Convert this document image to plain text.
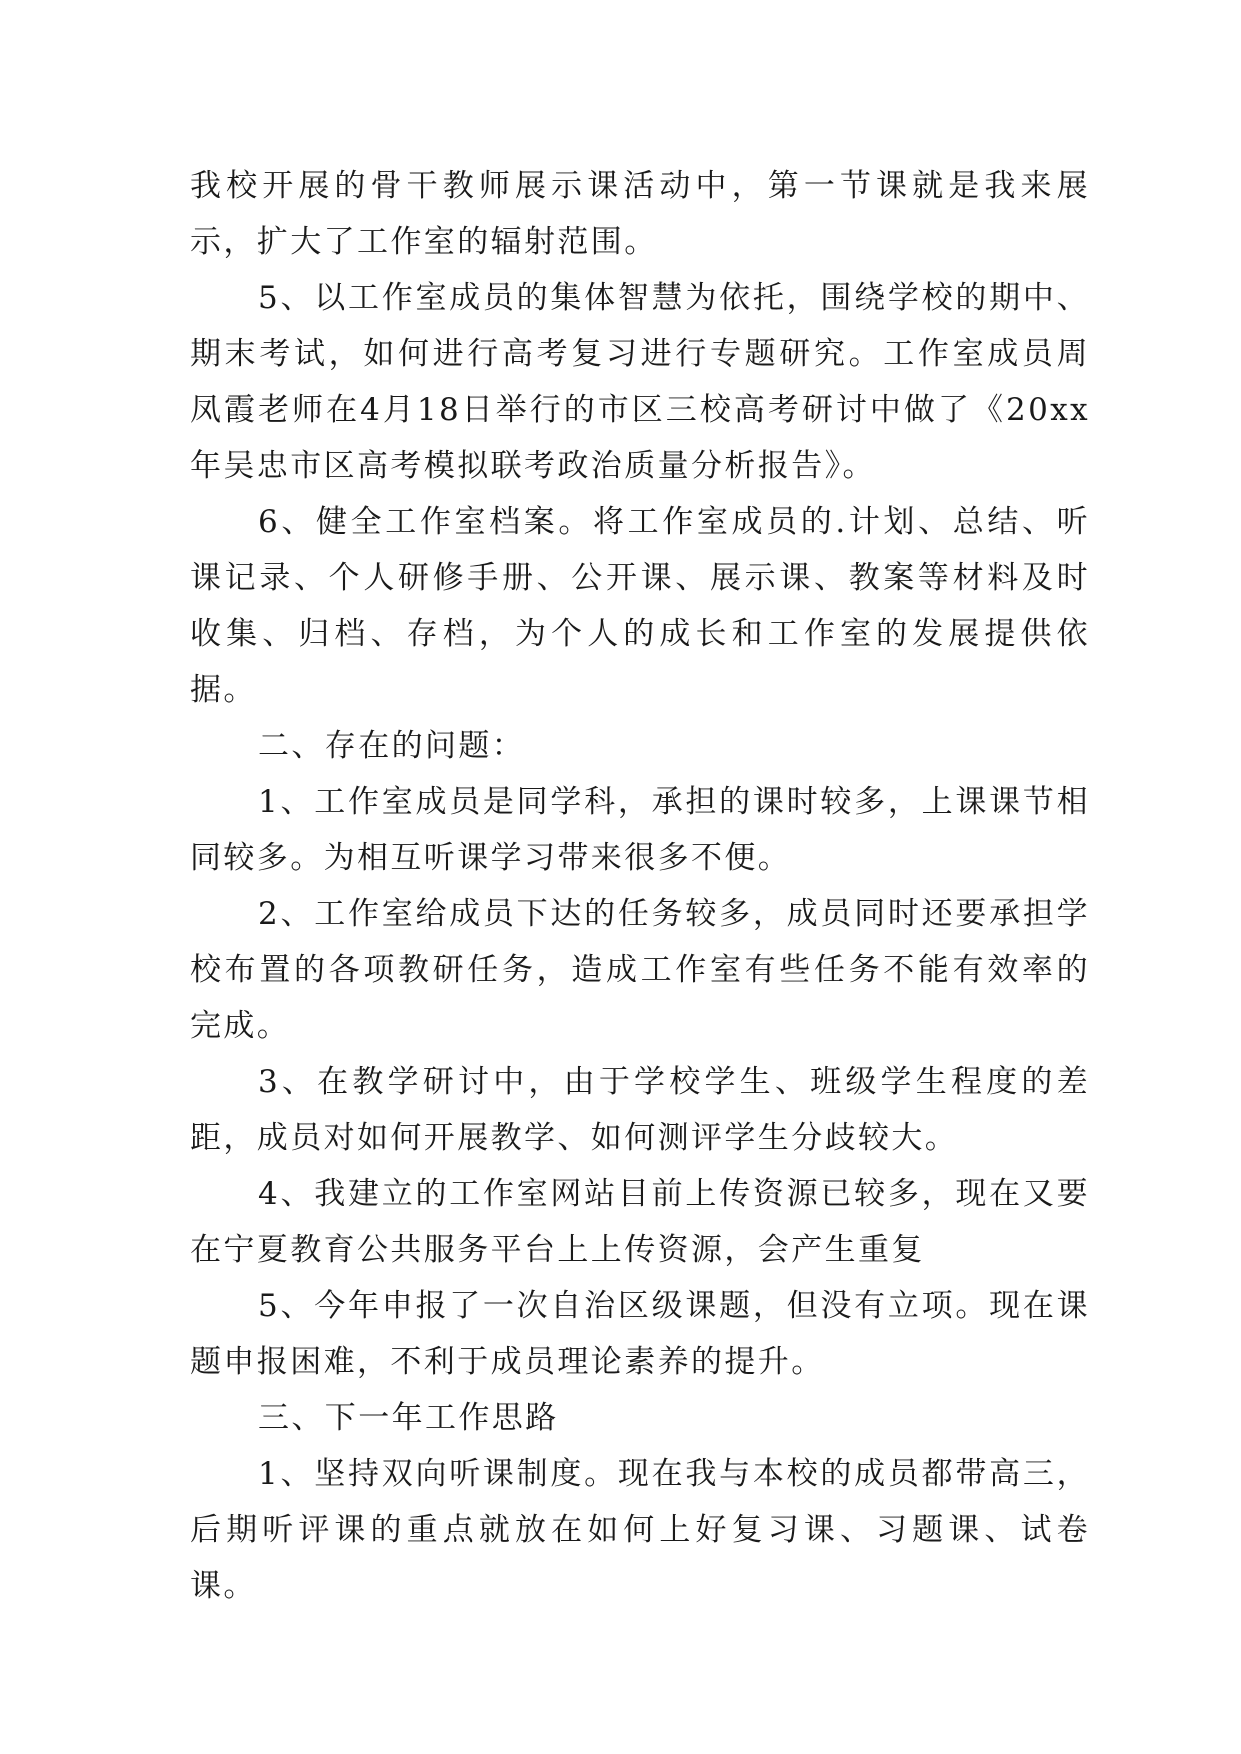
我校开展的骨干教师展示课活动中，第一节课就是我来展示，扩大了工作室的辐射范围。

5、以工作室成员的集体智慧为依托，围绕学校的期中、期末考试，如何进行高考复习进行专题研究。工作室成员周凤霞老师在4月18日举行的市区三校高考研讨中做了《20xx年吴忠市区高考模拟联考政治质量分析报告》。

6、健全工作室档案。将工作室成员的.计划、总结、听课记录、个人研修手册、公开课、展示课、教案等材料及时收集、归档、存档，为个人的成长和工作室的发展提供依据。

二、存在的问题：

1、工作室成员是同学科，承担的课时较多，上课课节相同较多。为相互听课学习带来很多不便。

2、工作室给成员下达的任务较多，成员同时还要承担学校布置的各项教研任务，造成工作室有些任务不能有效率的完成。

3、在教学研讨中，由于学校学生、班级学生程度的差距，成员对如何开展教学、如何测评学生分歧较大。

4、我建立的工作室网站目前上传资源已较多，现在又要在宁夏教育公共服务平台上上传资源，会产生重复

5、今年申报了一次自治区级课题，但没有立项。现在课题申报困难，不利于成员理论素养的提升。

三、下一年工作思路

1、坚持双向听课制度。现在我与本校的成员都带高三，后期听评课的重点就放在如何上好复习课、习题课、试卷课。
